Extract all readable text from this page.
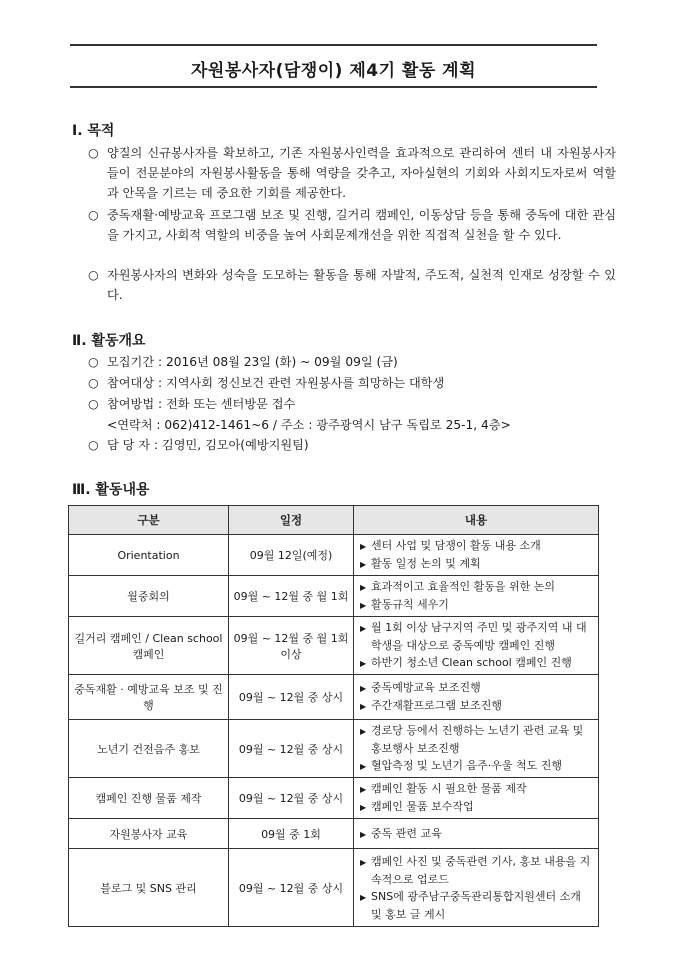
자원봉사자(담쟁이) 제4기 활동 계획
Ⅰ. 목적
○ 양질의 신규봉사자를 확보하고, 기존 자원봉사인력을 효과적으로 관리하여 센터 내 자원봉사자들이 전문분야의 자원봉사활동을 통해 역량을 갖추고, 자아실현의 기회와 사회지도자로써 역할과 안목을 기르는 데 중요한 기회를 제공한다.
○ 중독재활·예방교육 프로그램 보조 및 진행, 길거리 캠페인, 이동상담 등을 통해 중독에 대한 관심을 가지고, 사회적 역할의 비중을 높여 사회문제개선을 위한 직접적 실천을 할 수 있다.
○ 자원봉사자의 변화와 성숙을 도모하는 활동을 통해 자발적, 주도적, 실천적 인재로 성장할 수 있다.
Ⅱ. 활동개요
○ 모집기간 : 2016년 08월 23일 (화) ~ 09월 09일 (금)
○ 참여대상 : 지역사회 정신보건 관련 자원봉사를 희망하는 대학생
○ 참여방법 : 전화 또는 센터방문 접수
<연락처 : 062)412-1461~6 / 주소 : 광주광역시 남구 독립로 25-1, 4층>
○ 담 당 자 : 김영민, 김모아(예방지원팀)
Ⅲ. 활동내용
구분	일정	내용
Orientation	09월 12일(예정)	▶ 센터 사업 및 담쟁이 활동 내용 소개
▶ 활동 일정 논의 및 계획

월중회의	09월 ~ 12월 중 월 1회	▶ 효과적이고 효율적인 활동을 위한 논의
▶ 활동규칙 세우기

길거리 캠페인 / Clean school 캠페인	09월 ~ 12월 중 월 1회 이상	▶ 월 1회 이상 남구지역 주민 및 광주지역 내 대학생을 대상으로 중독예방 캠페인 진행
▶ 하반기 청소년 Clean school 캠페인 진행

중독재활 · 예방교육 보조 및 진행	09월 ~ 12월 중 상시	▶ 중독예방교육 보조진행
▶ 주간재활프로그램 보조진행

노년기 건전음주 홍보	09월 ~ 12월 중 상시	▶ 경로당 등에서 진행하는 노년기 관련 교육 및 홍보행사 보조진행
▶ 혈압측정 및 노년기 음주·우울 척도 진행

캠페인 진행 물품 제작	09월 ~ 12월 중 상시	▶ 캠페인 활동 시 필요한 물품 제작
▶ 캠페인 물품 보수작업

자원봉사자 교육	09월 중 1회	▶ 중독 관련 교육

블로그 및 SNS 관리	09월 ~ 12월 중 상시	▶ 캠페인 사진 및 중독관련 기사, 홍보 내용을 지속적으로 업로드
▶ SNS에 광주남구중독관리통합지원센터 소개 및 홍보 글 게시
